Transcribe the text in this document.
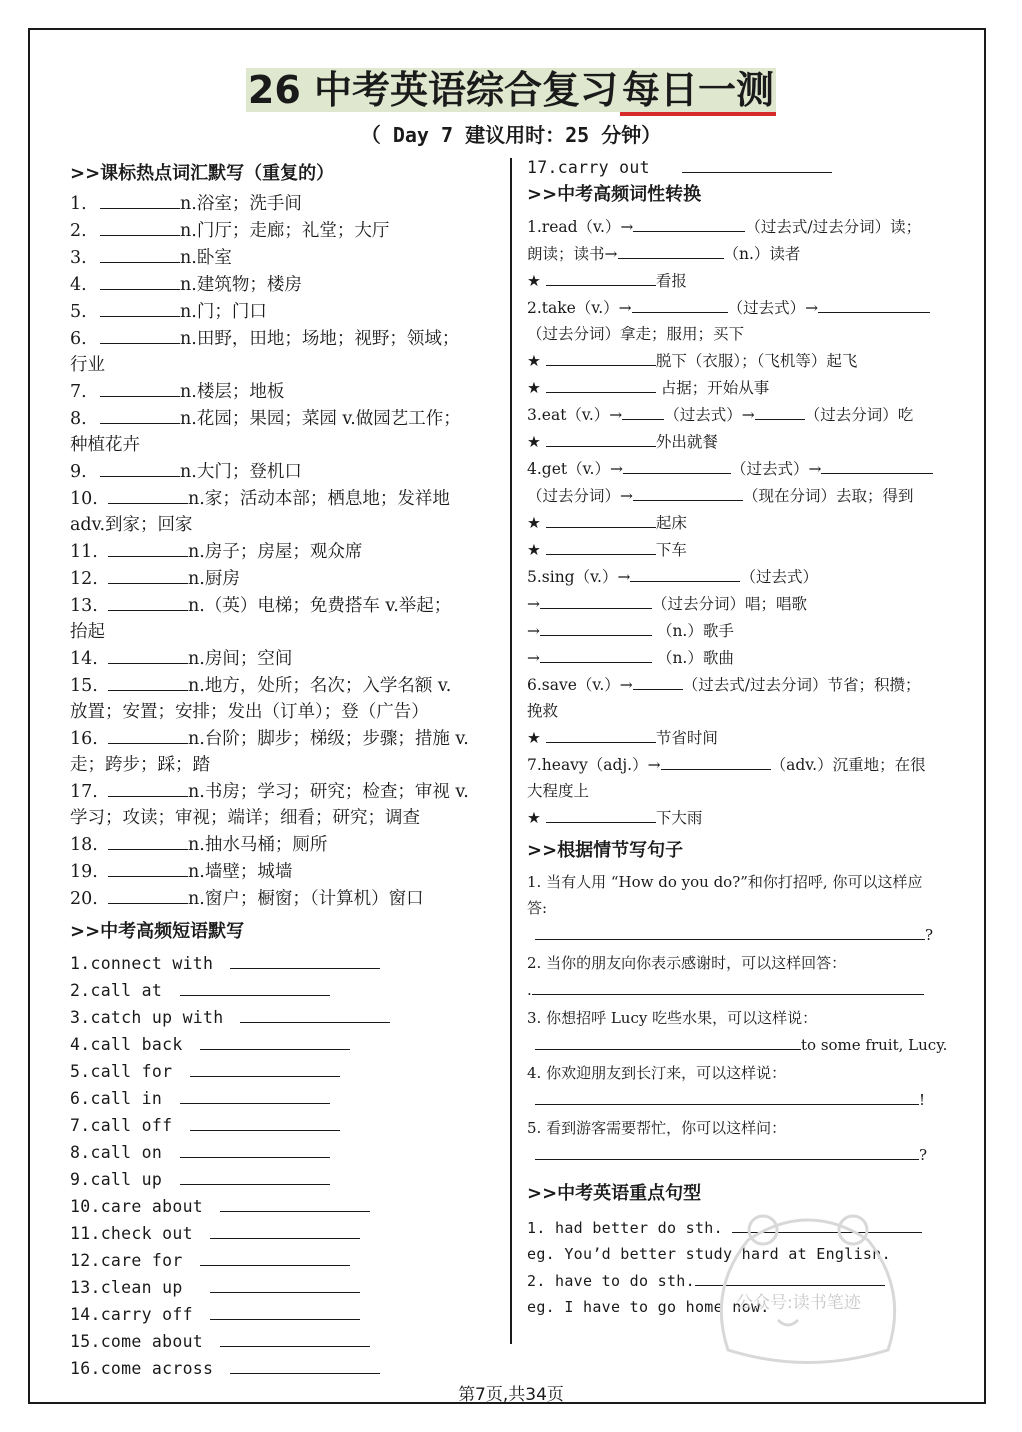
26 中考英语综合复习 每日一测
（ Day 7 建议用时：25 分钟）
>>课标热点词汇默写（重复的）
1.	n.浴室；洗手间
2.	n.门厅；走廊；礼堂；大厅
3.	n.卧室
4.	n.建筑物；楼房
5.	n.门；门口
6.	n.田野，田地；场地；视野；领域；
行业
7.	n.楼层；地板
8.	n.花园；果园；菜园 v.做园艺工作；
种植花卉
9.	n.大门；登机口
10.	n.家；活动本部；栖息地；发祥地
adv.到家；回家
11.	n.房子；房屋；观众席
12.	n.厨房
13.	n.（英）电梯；免费搭车 v.举起；
抬起
14.	n.房间；空间
15.	n.地方，处所；名次；入学名额 v.
放置；安置；安排；发出（订单）；登（广告）
16.	n.台阶；脚步；梯级；步骤；措施 v.
走；跨步；踩；踏
17.	n.书房；学习；研究；检查；审视 v.
学习；攻读；审视；端详；细看；研究；调查
18.	n.抽水马桶；厕所
19.	n.墙壁；城墙
20.	n.窗户；橱窗；（计算机）窗口
>>中考高频短语默写
1.connect with
2.call at
3.catch up with
4.call back
5.call for
6.call in
7.call off
8.call on
9.call up
10.care about
11.check out
12.care for
13.clean up
14.carry off
15.come about
16.come across
17.carry out
>>中考高频词性转换
1.read（v.）→	（过去式/过去分词）读；
朗读；读书→	（n.）读者
★	看报
2.take（v.）→	（过去式）→
（过去分词）拿走；服用；买下
★	脱下（衣服）；（飞机等）起飞
★	占据；开始从事
3.eat（v.）→	（过去式）→	（过去分词）吃
★	外出就餐
4.get（v.）→	（过去式）→
（过去分词）→	（现在分词）去取；得到
★	起床
★	下车
5.sing（v.）→	（过去式）
→	（过去分词）唱；唱歌
→	（n.）歌手
→	（n.）歌曲
6.save（v.）→	（过去式/过去分词）节省；积攒；
挽救
★	节省时间
7.heavy（adj.）→	（adv.）沉重地；在很
大程度上
★	下大雨
>>根据情节写句子
1. 当有人用 “How do you do?”和你打招呼, 你可以这样应
答:
?
2. 当你的朋友向你表示感谢时，可以这样回答：
.
3. 你想招呼 Lucy 吃些水果，可以这样说：
to some fruit, Lucy.
4. 你欢迎朋友到长汀来，可以这样说：
!
5. 看到游客需要帮忙，你可以这样问：
?
>>中考英语重点句型
1. had better do sth.
eg. You’d better study hard at English.
2. have to do sth.
eg. I have to go home now.
公众号:读书笔迹
第7页,共34页
